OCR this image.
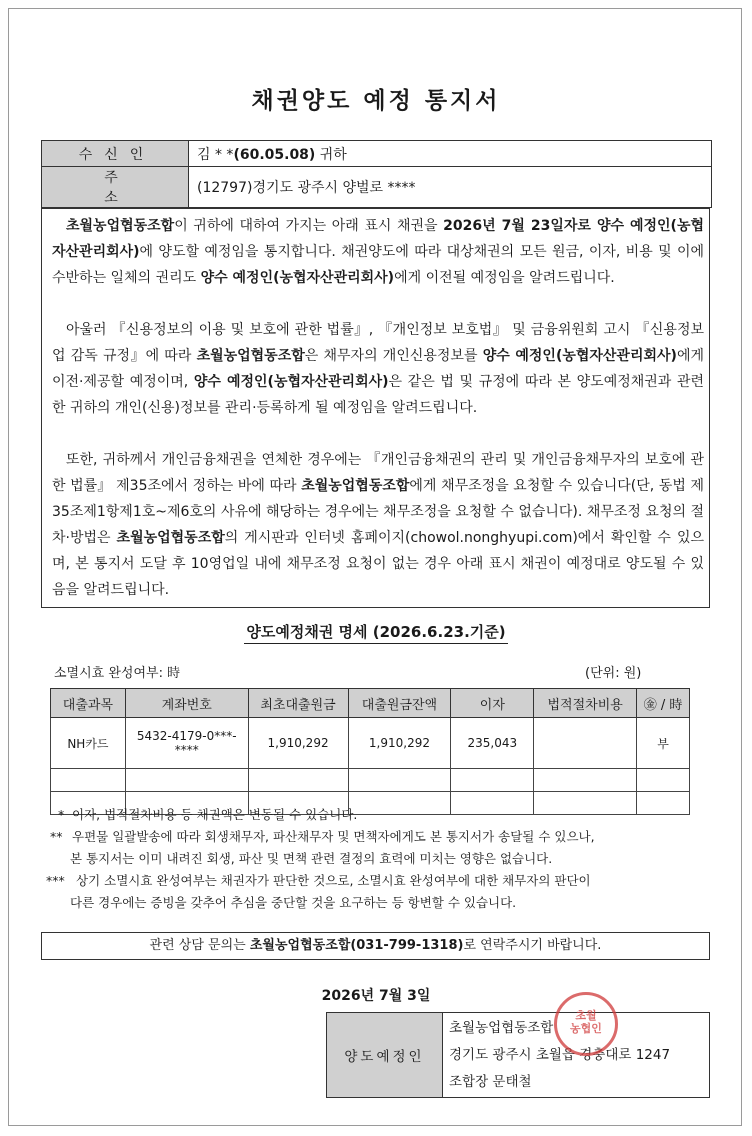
채권양도 예정 통지서
수신인	김 * *(60.05.08) 귀하
주소	(12797)경기도 광주시 양벌로 ****

초월농업협동조합이 귀하에 대하여 가지는 아래 표시 채권을 2026년 7월 23일자로 양수 예정인(농협자산관리회사)에 양도할 예정임을 통지합니다. 채권양도에 따라 대상채권의 모든 원금, 이자, 비용 및 이에 수반하는 일체의 권리도 양수 예정인(농협자산관리회사)에게 이전될 예정임을 알려드립니다.

아울러 『신용정보의 이용 및 보호에 관한 법률』, 『개인정보 보호법』 및 금융위원회 고시 『신용정보업 감독 규정』에 따라 초월농업협동조합은 채무자의 개인신용정보를 양수 예정인(농협자산관리회사)에게 이전·제공할 예정이며, 양수 예정인(농협자산관리회사)은 같은 법 및 규정에 따라 본 양도예정채권과 관련한 귀하의 개인(신용)정보를 관리·등록하게 될 예정임을 알려드립니다.

또한, 귀하께서 개인금융채권을 연체한 경우에는 『개인금융채권의 관리 및 개인금융채무자의 보호에 관한 법률』 제35조에서 정하는 바에 따라 초월농업협동조합에게 채무조정을 요청할 수 있습니다(단, 동법 제35조제1항제1호~제6호의 사유에 해당하는 경우에는 채무조정을 요청할 수 없습니다). 채무조정 요청의 절차·방법은 초월농업협동조합의 게시판과 인터넷 홈페이지(chowol.nonghyupi.com)에서 확인할 수 있으며, 본 통지서 도달 후 10영업일 내에 채무조정 요청이 없는 경우 아래 표시 채권이 예정대로 양도될 수 있음을 알려드립니다.

양도예정채권 명세 (2026.6.23.기준)
소멸시효 완성여부: 時	(단위: 원)
대출과목	계좌번호	최초대출원금	대출원금잔액	이자	법적절차비용	㊎ / 時
NH카드	5432-4179-0***-****	1,910,292	1,910,292	235,043		부

* 이자, 법적절차비용 등 채권액은 변동될 수 있습니다.
** 우편물 일괄발송에 따라 회생채무자, 파산채무자 및 면책자에게도 본 통지서가 송달될 수 있으나,
본 통지서는 이미 내려진 회생, 파산 및 면책 관련 결정의 효력에 미치는 영향은 없습니다.
*** 상기 소멸시효 완성여부는 채권자가 판단한 것으로, 소멸시효 완성여부에 대한 채무자의 판단이
다른 경우에는 증빙을 갖추어 추심을 중단할 것을 요구하는 등 항변할 수 있습니다.
관련 상담 문의는 초월농업협동조합(031-799-1318)로 연락주시기 바랍니다.
2026년 7월 3일
양도예정인	
초월농업협동조합
경기도 광주시 초월읍 경충대로 1247
조합장 문태철
초월
농협인
